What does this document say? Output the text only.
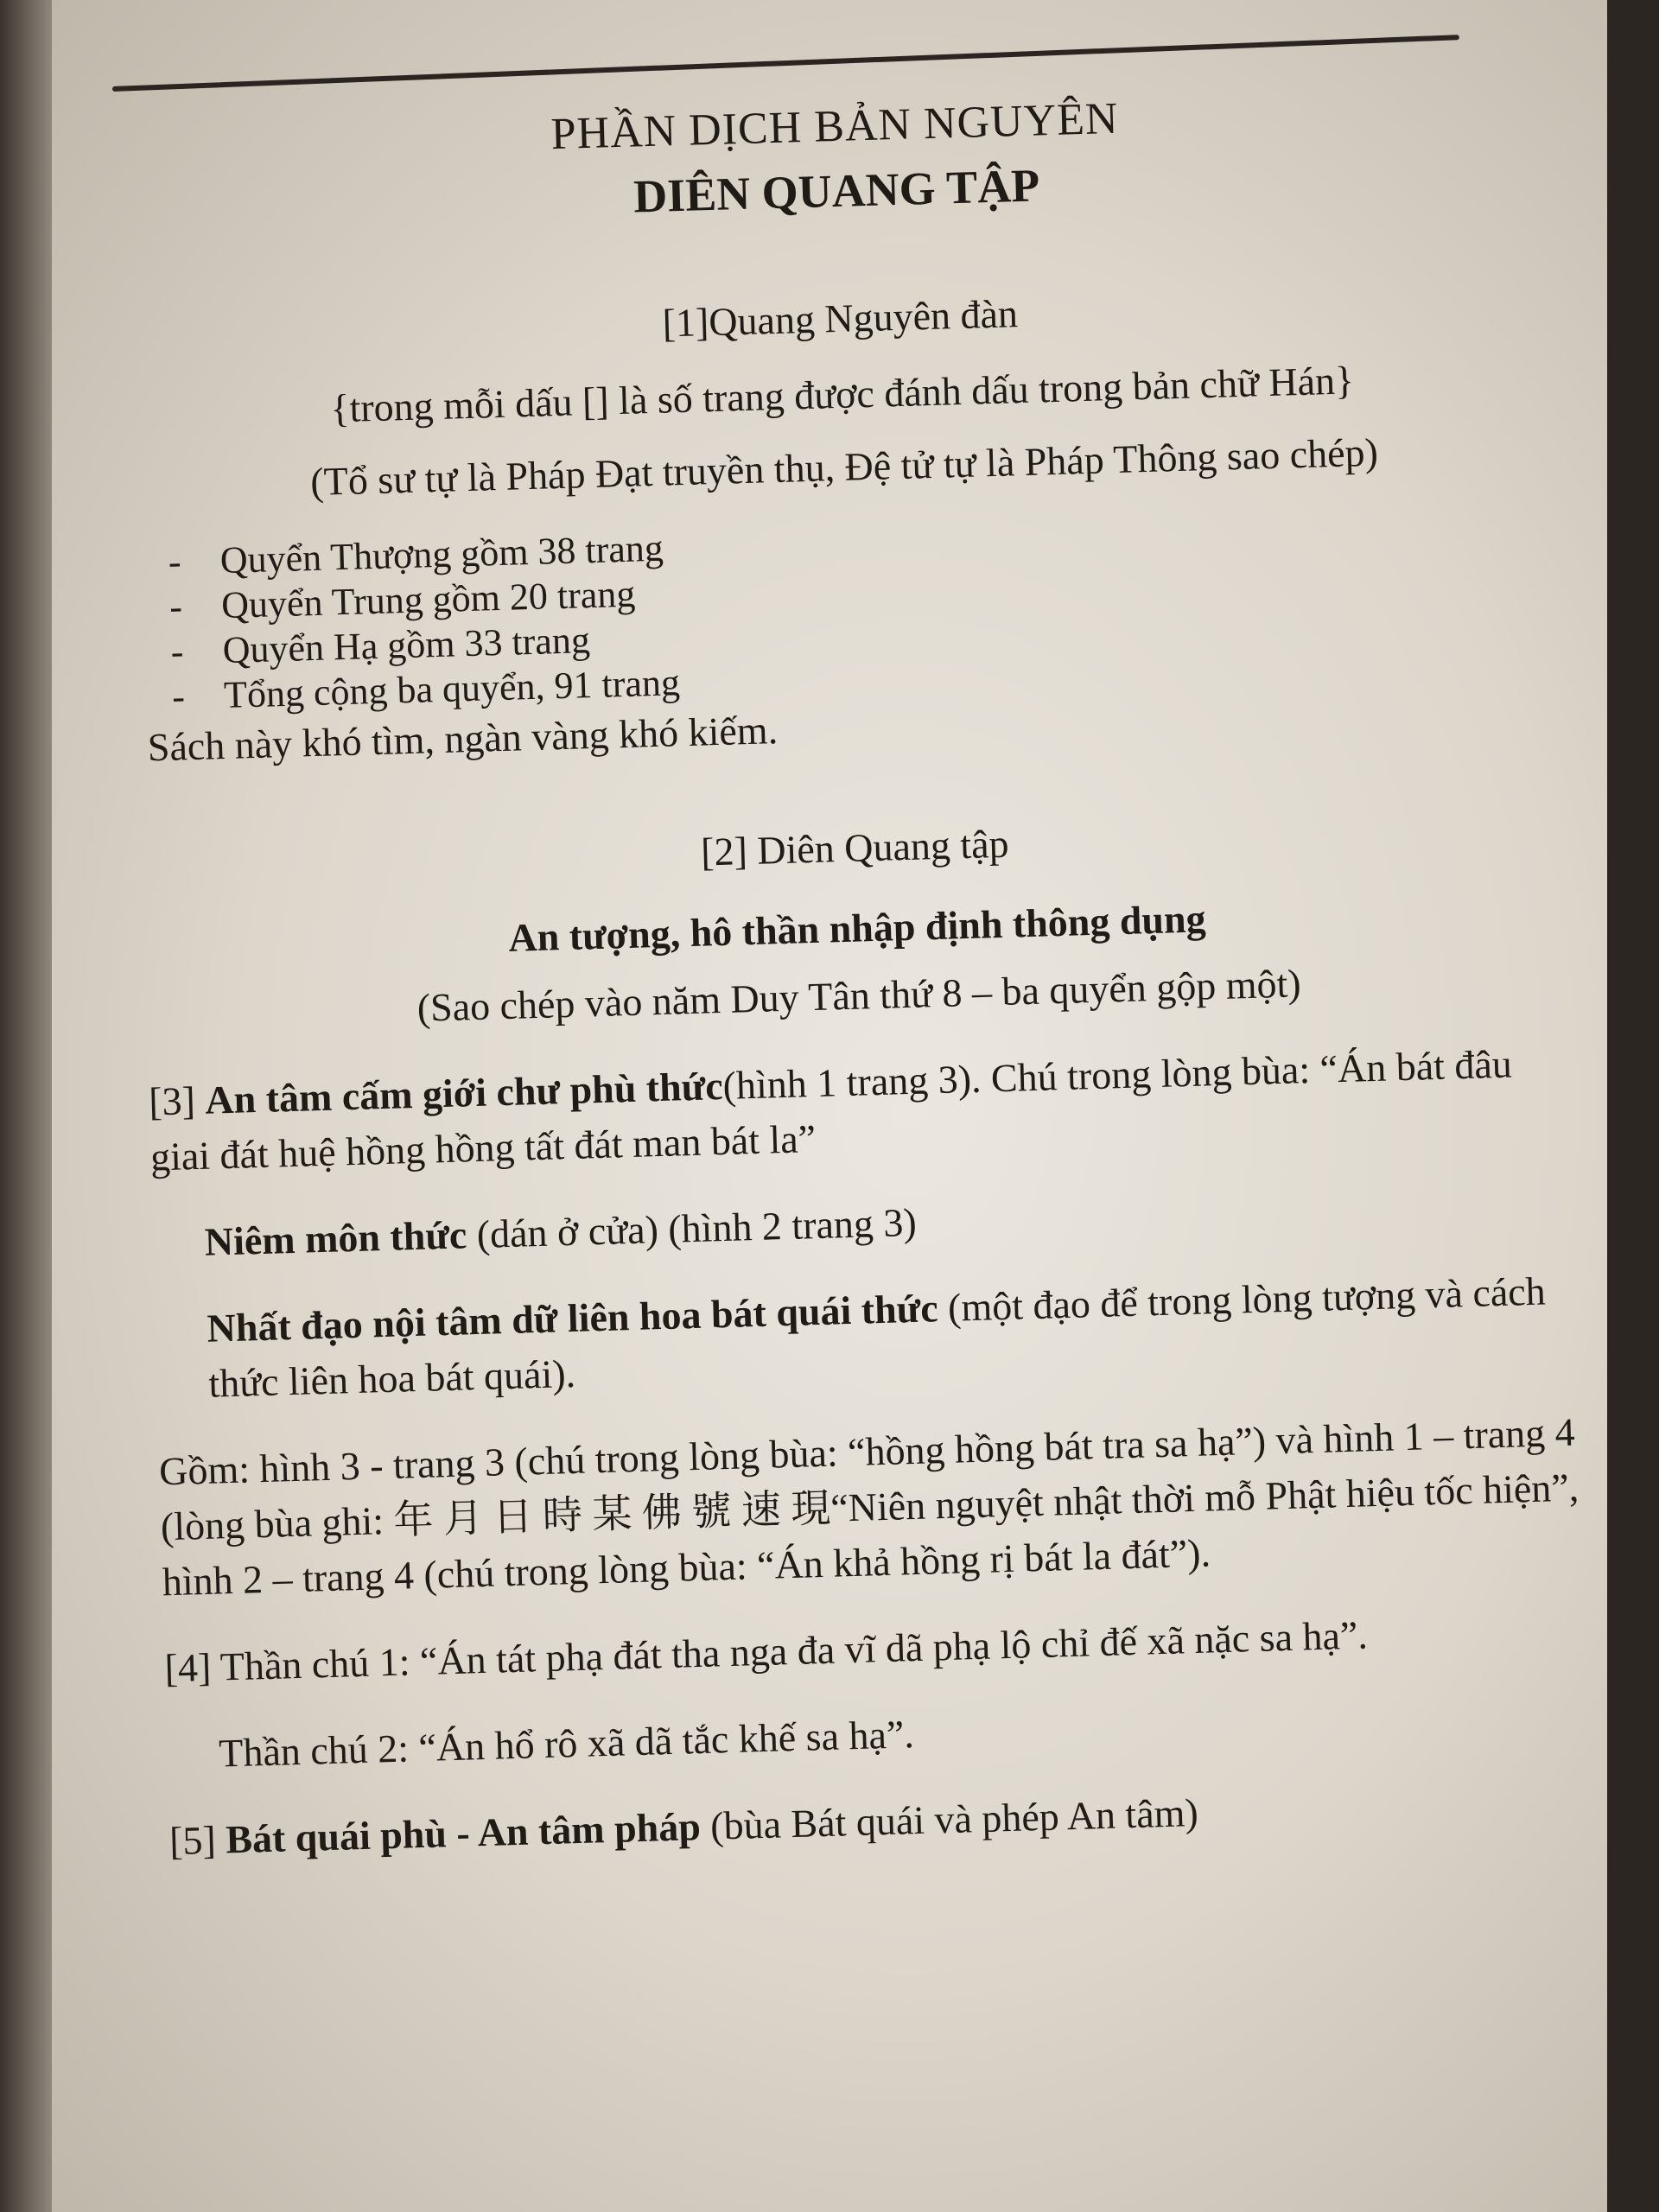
PHẦN DỊCH BẢN NGUYÊN
DIÊN QUANG TẬP
[1]Quang Nguyên đàn

{trong mỗi dấu [] là số trang được đánh dấu trong bản chữ Hán}

(Tổ sư tự là Pháp Đạt truyền thụ, Đệ tử tự là Pháp Thông sao chép)

- Quyển Thượng gồm 38 trang
- Quyển Trung gồm 20 trang
- Quyển Hạ gồm 33 trang
- Tổng cộng ba quyển, 91 trang

Sách này khó tìm, ngàn vàng khó kiếm.

[2] Diên Quang tập
An tượng, hô thần nhập định thông dụng

(Sao chép vào năm Duy Tân thứ 8 – ba quyển gộp một)

[3] An tâm cấm giới chư phù thức(hình 1 trang 3). Chú trong lòng bùa: “Án bát đâu giai đát huệ hồng hồng tất đát man bát la”

Niêm môn thức (dán ở cửa) (hình 2 trang 3)

Nhất đạo nội tâm dữ liên hoa bát quái thức (một đạo để trong lòng tượng và cách thức liên hoa bát quái).

Gồm: hình 3 - trang 3 (chú trong lòng bùa: “hồng hồng bát tra sa hạ”) và hình 1 – trang 4 (lòng bùa ghi: 年 月 日 時 某 佛 號 速 現“Niên nguyệt nhật thời mỗ Phật hiệu tốc hiện”, hình 2 – trang 4 (chú trong lòng bùa: “Án khả hồng rị bát la đát”).

[4] Thần chú 1: “Án tát phạ đát tha nga đa vĩ dã phạ lộ chỉ đế xã nặc sa hạ”.

Thần chú 2: “Án hổ rô xã dã tắc khế sa hạ”.

[5] Bát quái phù - An tâm pháp (bùa Bát quái và phép An tâm)
